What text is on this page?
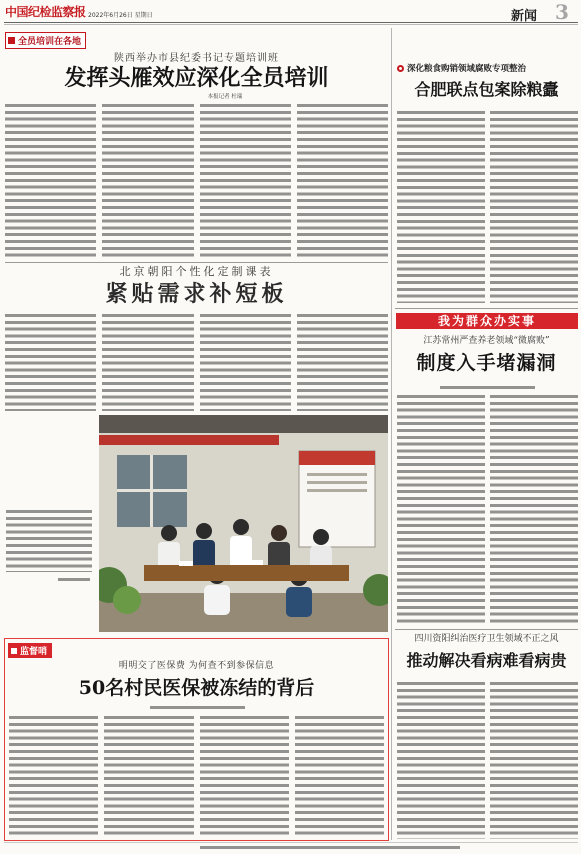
中国纪检监察报 2022年6月26日 星期日	新闻 3
全员培训在各地
陕西举办市县纪委书记专题培训班
发挥头雁效应深化全员培训
本报记者 杜瑞
北京朝阳个性化定制课表
紧贴需求补短板
监督哨
明明交了医保费 为何查不到参保信息
50名村民医保被冻结的背后
深化粮食购销领域腐败专项整治
合肥联点包案除粮蠹
我为群众办实事
江苏常州严查养老领域“微腐败”
制度入手堵漏洞
四川资阳纠治医疗卫生领域不正之风
推动解决看病难看病贵
